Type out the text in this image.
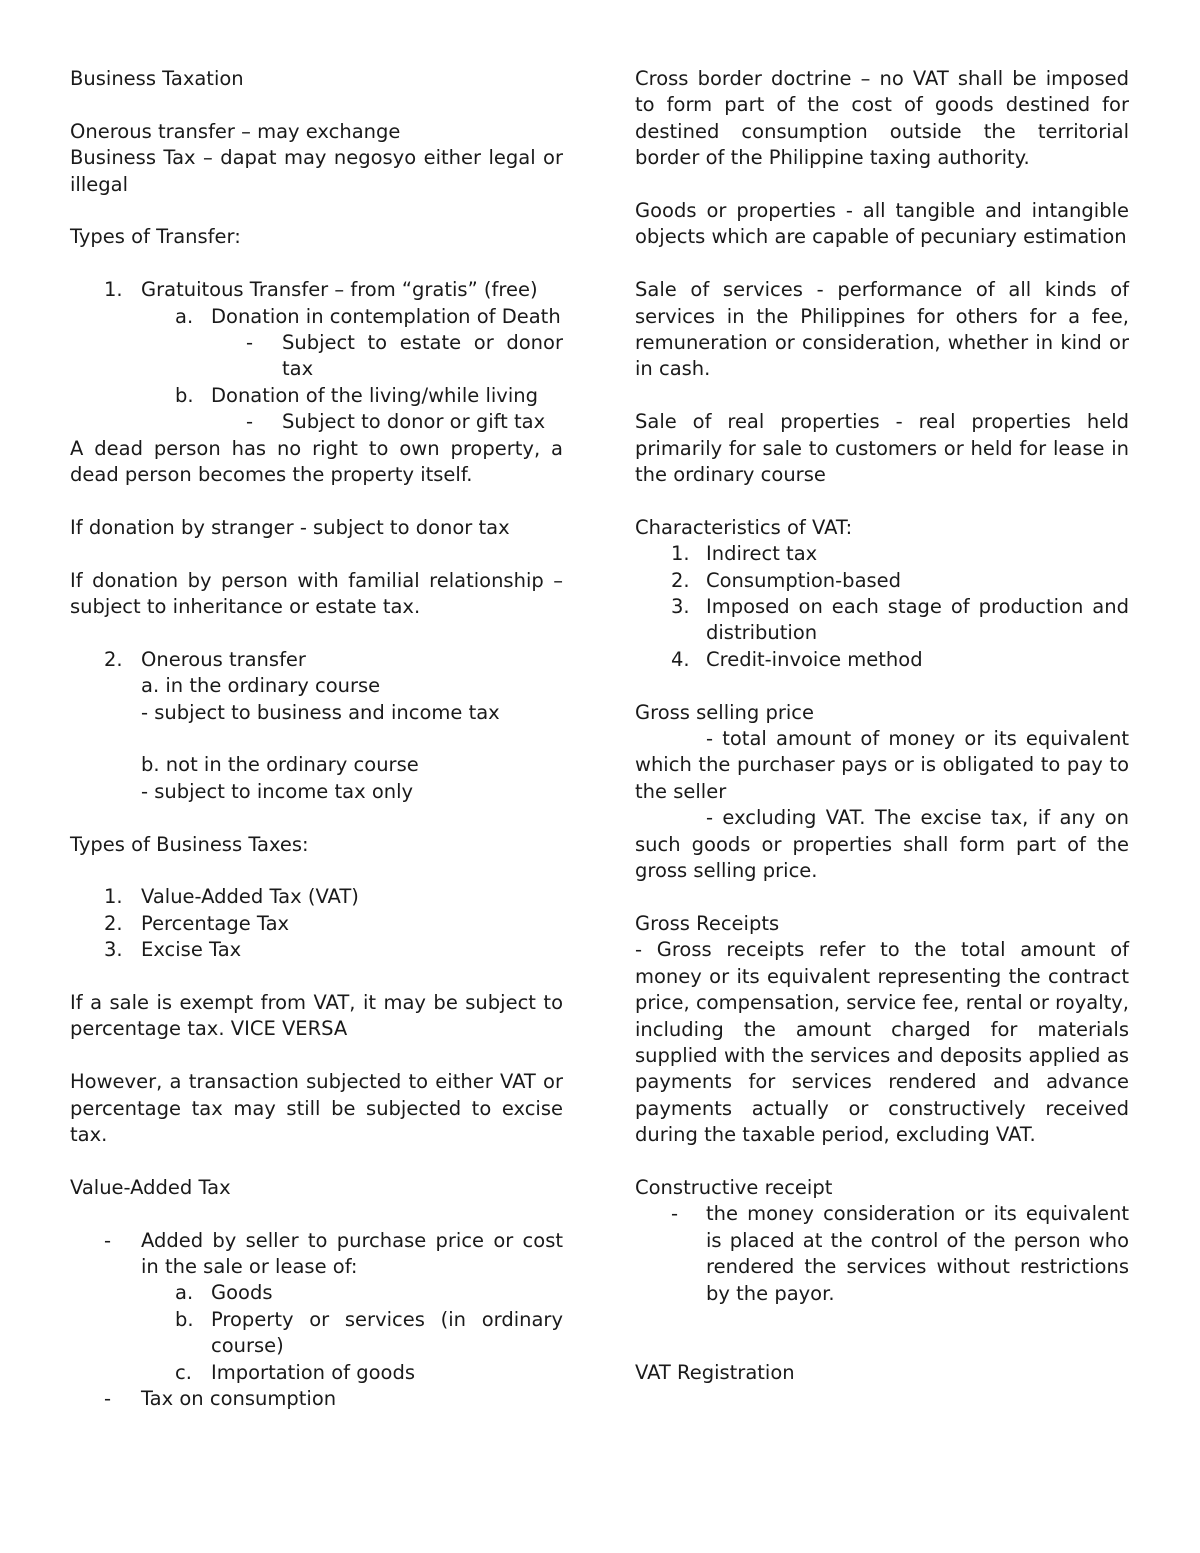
Business Taxation

Onerous transfer – may exchange

Business Tax – dapat may negosyo either legal or illegal

Types of Transfer:

1. Gratuitous Transfer – from “gratis” (free)
a. Donation in contemplation of Death
-	Subject to estate or donor tax
b. Donation of the living/while living
-	Subject to donor or gift tax

A dead person has no right to own property, a dead person becomes the property itself.

If donation by stranger - subject to donor tax

If donation by person with familial relationship – subject to inheritance or estate tax.

2. Onerous transfer

a. in the ordinary course

- subject to business and income tax

b. not in the ordinary course

- subject to income tax only

Types of Business Taxes:

1. Value-Added Tax (VAT)
2. Percentage Tax
3. Excise Tax

If a sale is exempt from VAT, it may be subject to percentage tax. VICE VERSA

However, a transaction subjected to either VAT or percentage tax may still be subjected to excise tax.

Value-Added Tax

-	Added by seller to purchase price or cost in the sale or lease of:
a. Goods
b. Property or services (in ordinary course)
c. Importation of goods
-	Tax on consumption

Cross border doctrine – no VAT shall be imposed to form part of the cost of goods destined for destined consumption outside the territorial border of the Philippine taxing authority.

Goods or properties - all tangible and intangible objects which are capable of pecuniary estimation

Sale of services - performance of all kinds of services in the Philippines for others for a fee, remuneration or consideration, whether in kind or in cash.

Sale of real properties - real properties held primarily for sale to customers or held for lease in the ordinary course

Characteristics of VAT:

1. Indirect tax
2. Consumption-based
3. Imposed on each stage of production and distribution
4. Credit-invoice method

Gross selling price

- total amount of money or its equivalent which the purchaser pays or is obligated to pay to the seller

- excluding VAT. The excise tax, if any on such goods or properties shall form part of the gross selling price.

Gross Receipts

- Gross receipts refer to the total amount of money or its equivalent representing the contract price, compensation, service fee, rental or royalty, including the amount charged for materials supplied with the services and deposits applied as payments for services rendered and advance payments actually or constructively received during the taxable period, excluding VAT.

Constructive receipt

-	the money consideration or its equivalent is placed at the control of the person who rendered the services without restrictions by the payor.

VAT Registration
